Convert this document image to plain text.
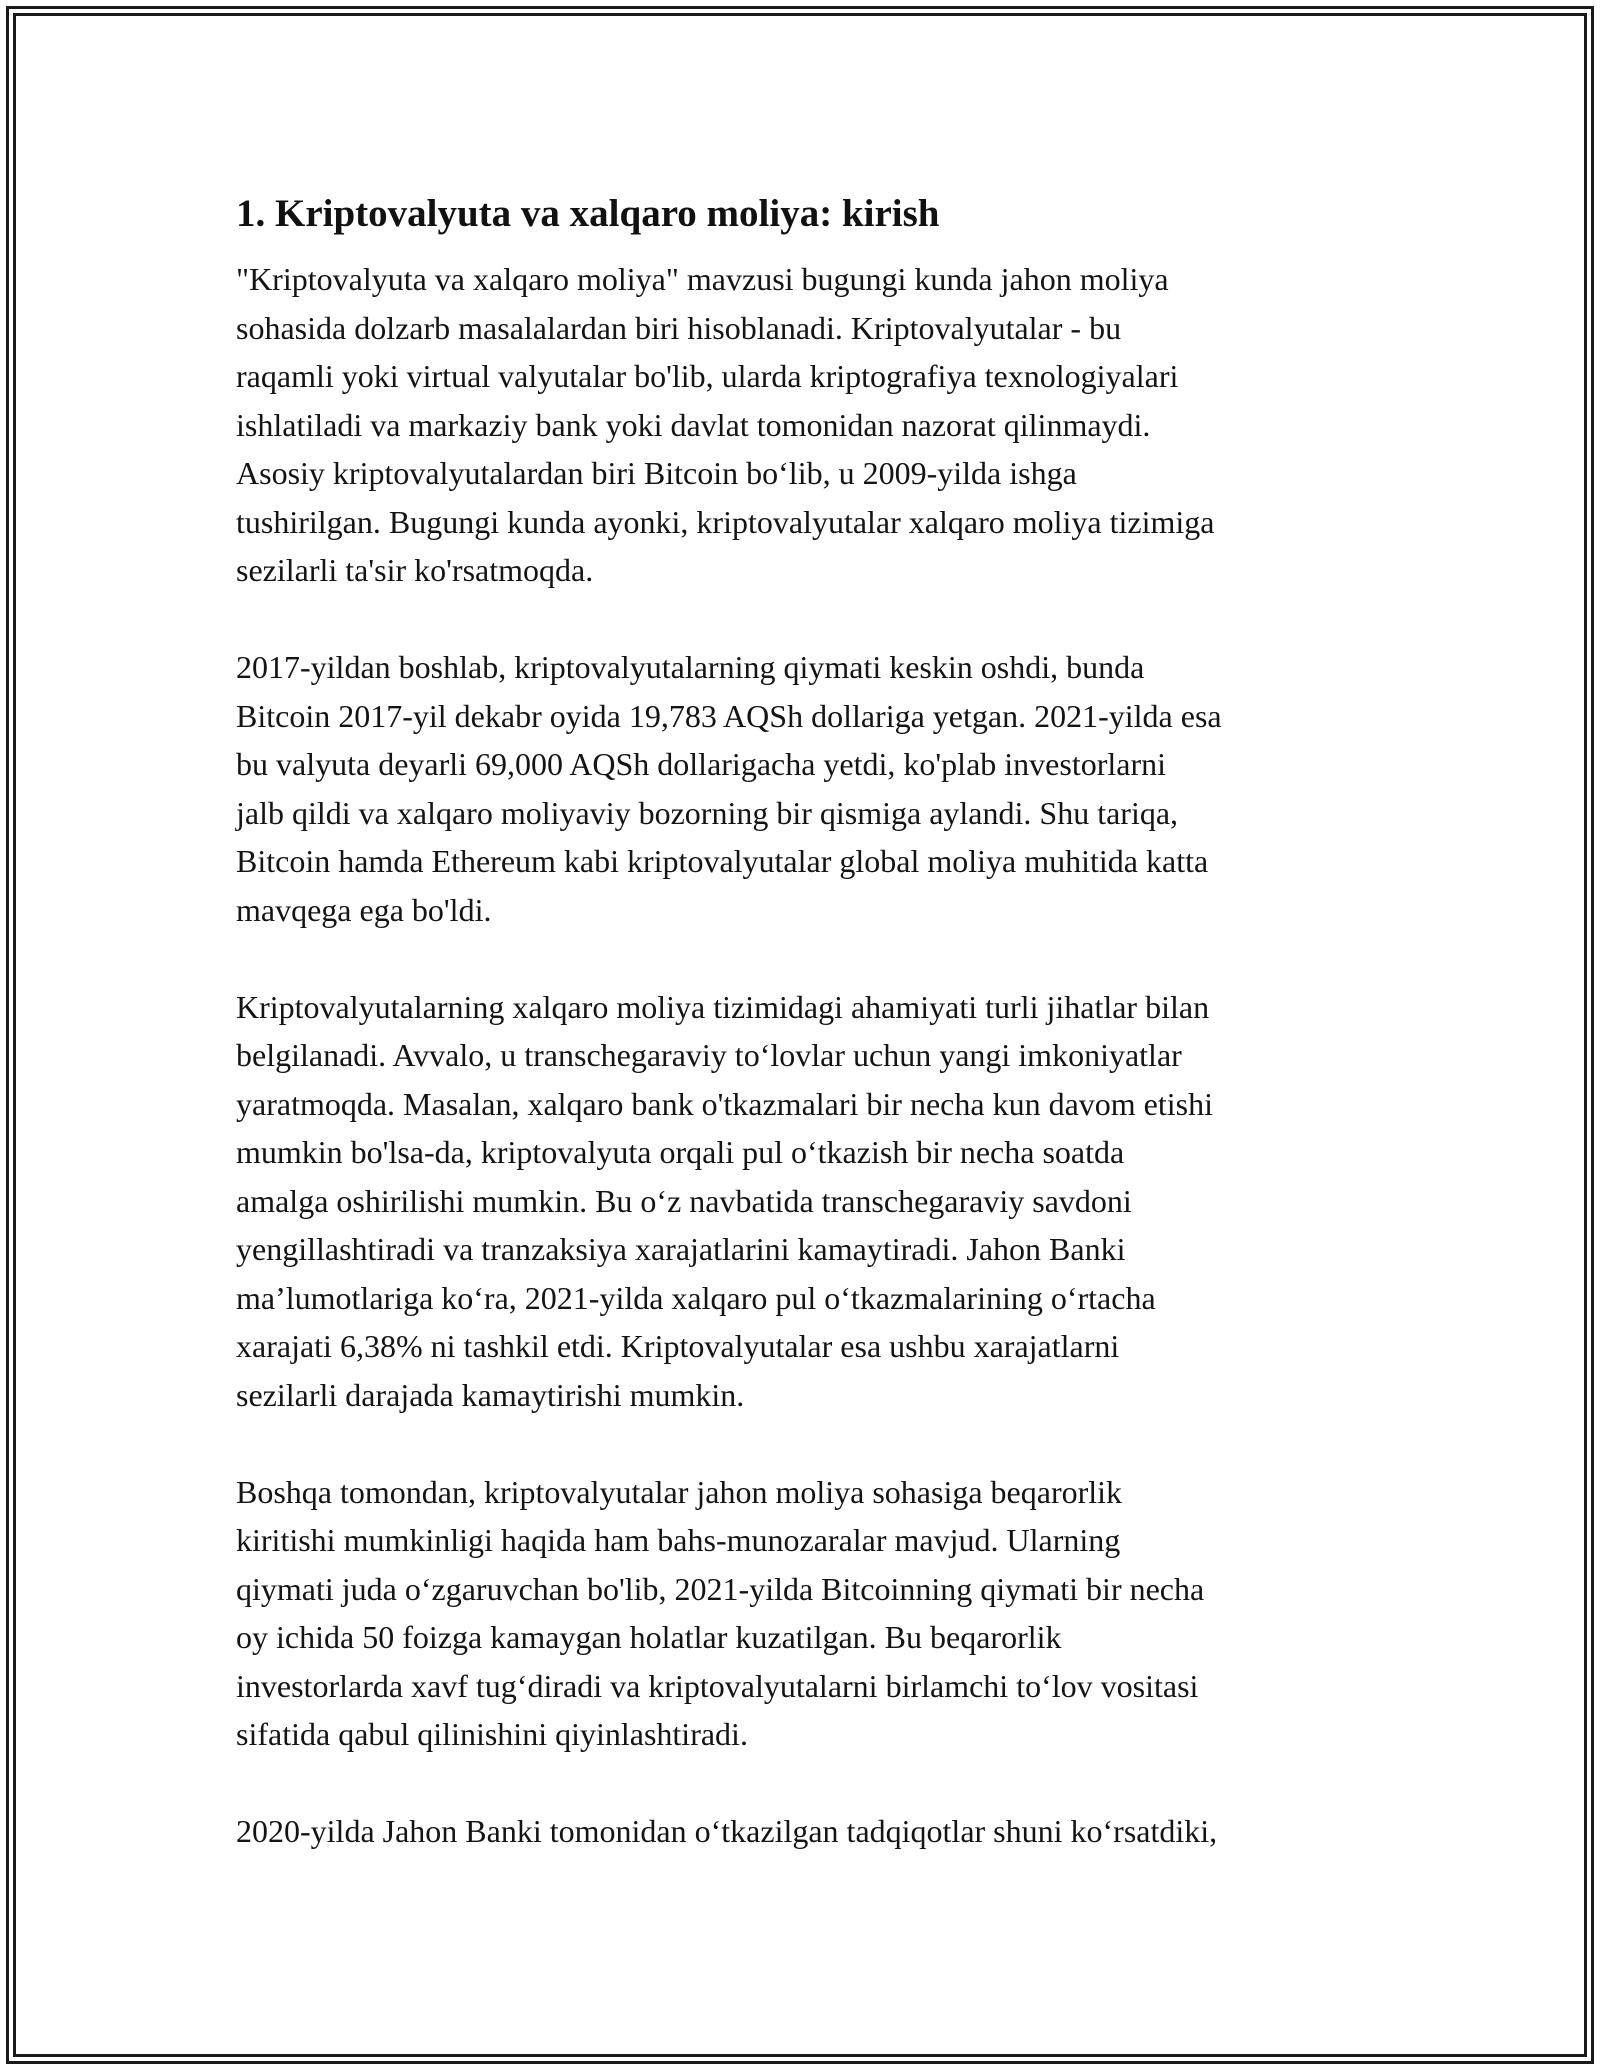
1. Kriptovalyuta va xalqaro moliya: kirish

"Kriptovalyuta va xalqaro moliya" mavzusi bugungi kunda jahon moliya
sohasida dolzarb masalalardan biri hisoblanadi. Kriptovalyutalar - bu
raqamli yoki virtual valyutalar bo'lib, ularda kriptografiya texnologiyalari
ishlatiladi va markaziy bank yoki davlat tomonidan nazorat qilinmaydi.
Asosiy kriptovalyutalardan biri Bitcoin boʻlib, u 2009-yilda ishga
tushirilgan. Bugungi kunda ayonki, kriptovalyutalar xalqaro moliya tizimiga
sezilarli ta'sir ko'rsatmoqda.

2017-yildan boshlab, kriptovalyutalarning qiymati keskin oshdi, bunda
Bitcoin 2017-yil dekabr oyida 19,783 AQSh dollariga yetgan. 2021-yilda esa
bu valyuta deyarli 69,000 AQSh dollarigacha yetdi, ko'plab investorlarni
jalb qildi va xalqaro moliyaviy bozorning bir qismiga aylandi. Shu tariqa,
Bitcoin hamda Ethereum kabi kriptovalyutalar global moliya muhitida katta
mavqega ega bo'ldi.

Kriptovalyutalarning xalqaro moliya tizimidagi ahamiyati turli jihatlar bilan
belgilanadi. Avvalo, u transchegaraviy toʻlovlar uchun yangi imkoniyatlar
yaratmoqda. Masalan, xalqaro bank o'tkazmalari bir necha kun davom etishi
mumkin bo'lsa-da, kriptovalyuta orqali pul oʻtkazish bir necha soatda
amalga oshirilishi mumkin. Bu oʻz navbatida transchegaraviy savdoni
yengillashtiradi va tranzaksiya xarajatlarini kamaytiradi. Jahon Banki
maʼlumotlariga koʻra, 2021-yilda xalqaro pul oʻtkazmalarining oʻrtacha
xarajati 6,38% ni tashkil etdi. Kriptovalyutalar esa ushbu xarajatlarni
sezilarli darajada kamaytirishi mumkin.

Boshqa tomondan, kriptovalyutalar jahon moliya sohasiga beqarorlik
kiritishi mumkinligi haqida ham bahs-munozaralar mavjud. Ularning
qiymati juda oʻzgaruvchan bo'lib, 2021-yilda Bitcoinning qiymati bir necha
oy ichida 50 foizga kamaygan holatlar kuzatilgan. Bu beqarorlik
investorlarda xavf tugʻdiradi va kriptovalyutalarni birlamchi toʻlov vositasi
sifatida qabul qilinishini qiyinlashtiradi.

2020-yilda Jahon Banki tomonidan oʻtkazilgan tadqiqotlar shuni koʻrsatdiki,
